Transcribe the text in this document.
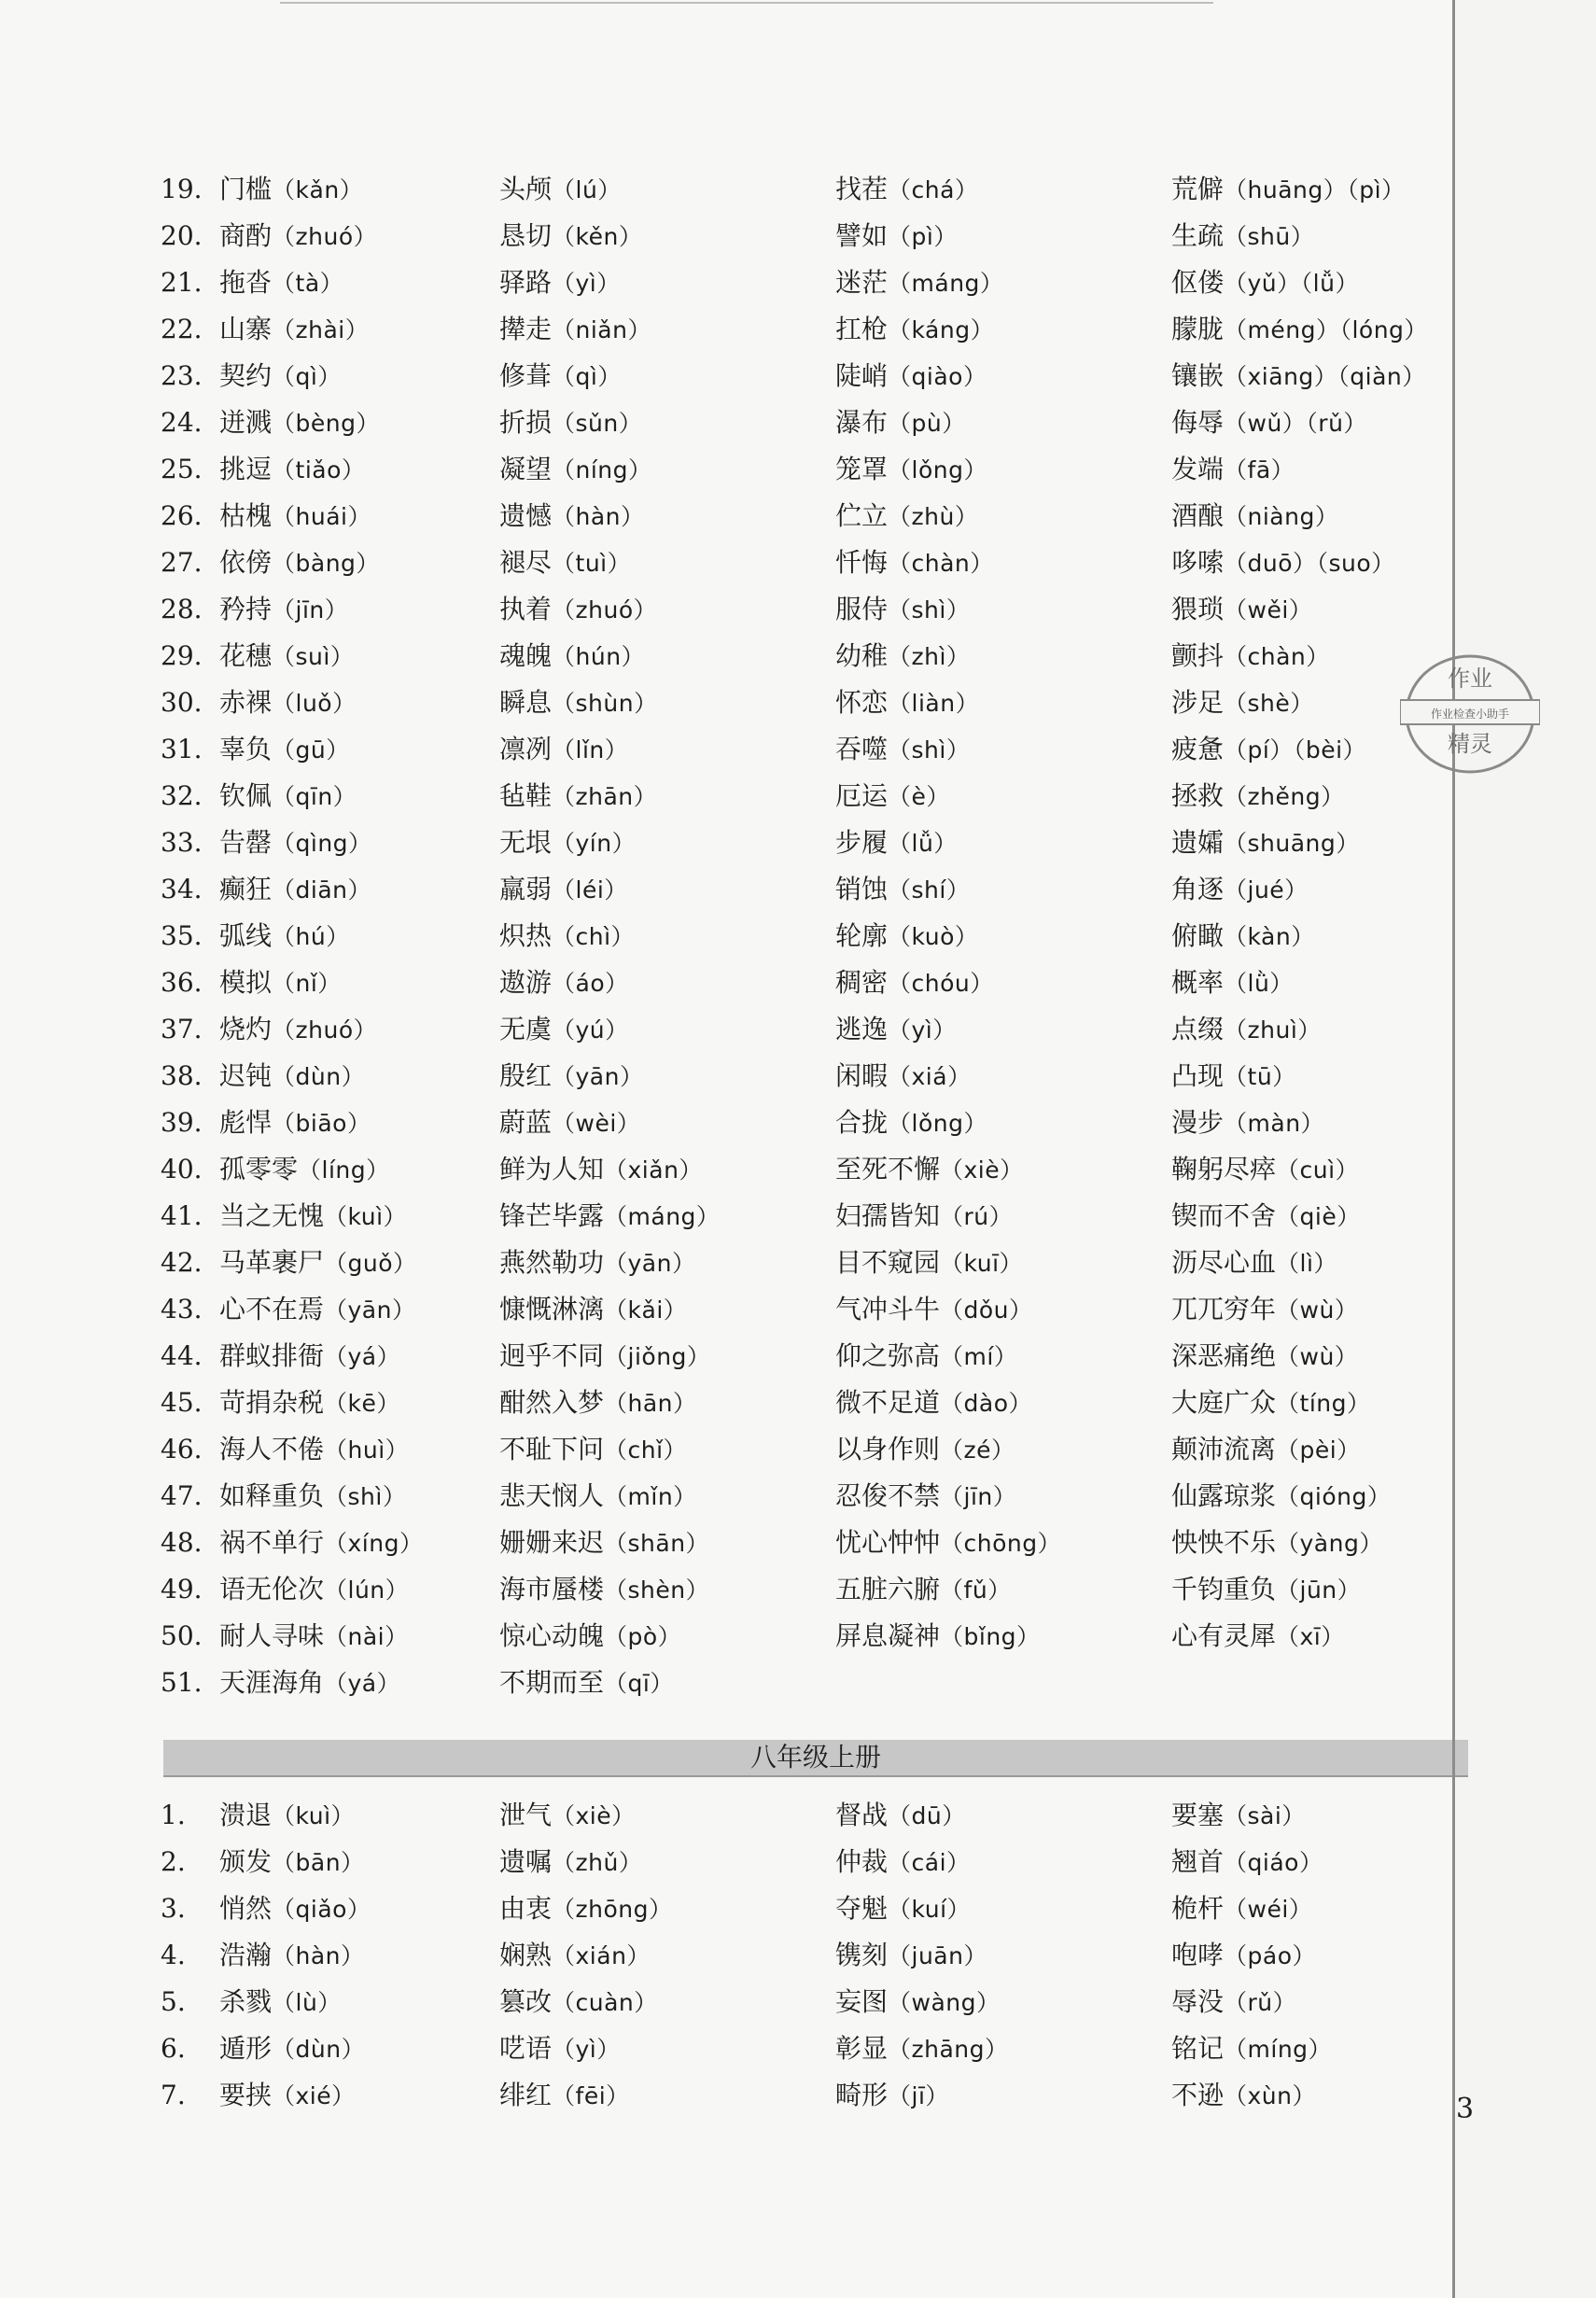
19. 门槛（kǎn）	头颅（lú）	找茬（chá）	荒僻（huāng）（pì）
20. 商酌（zhuó）	恳切（kěn）	譬如（pì）	生疏（shū）
21. 拖沓（tà）	驿路（yì）	迷茫（máng）	伛偻（yǔ）（lǚ）
22. 山寨（zhài）	撵走（niǎn）	扛枪（káng）	朦胧（méng）（lóng）
23. 契约（qì）	修葺（qì）	陡峭（qiào）	镶嵌（xiāng）（qiàn）
24. 迸溅（bèng）	折损（sǔn）	瀑布（pù）	侮辱（wǔ）（rǔ）
25. 挑逗（tiǎo）	凝望（níng）	笼罩（lǒng）	发端（fā）
26. 枯槐（huái）	遗憾（hàn）	伫立（zhù）	酒酿（niàng）
27. 依傍（bàng）	褪尽（tuì）	忏悔（chàn）	哆嗦（duō）（suo）
28. 矜持（jīn）	执着（zhuó）	服侍（shì）	猥琐（wěi）
29. 花穗（suì）	魂魄（hún）	幼稚（zhì）	颤抖（chàn）
30. 赤裸（luǒ）	瞬息（shùn）	怀恋（liàn）	涉足（shè）
31. 辜负（gū）	凛冽（lǐn）	吞噬（shì）	疲惫（pí）（bèi）
32. 钦佩（qīn）	毡鞋（zhān）	厄运（è）	拯救（zhěng）
33. 告罄（qìng）	无垠（yín）	步履（lǚ）	遗孀（shuāng）
34. 癫狂（diān）	羸弱（léi）	销蚀（shí）	角逐（jué）
35. 弧线（hú）	炽热（chì）	轮廓（kuò）	俯瞰（kàn）
36. 模拟（nǐ）	遨游（áo）	稠密（chóu）	概率（lǜ）
37. 烧灼（zhuó）	无虞（yú）	逃逸（yì）	点缀（zhuì）
38. 迟钝（dùn）	殷红（yān）	闲暇（xiá）	凸现（tū）
39. 彪悍（biāo）	蔚蓝（wèi）	合拢（lǒng）	漫步（màn）
40. 孤零零（líng）	鲜为人知（xiǎn）	至死不懈（xiè）	鞠躬尽瘁（cuì）
41. 当之无愧（kuì）	锋芒毕露（máng）	妇孺皆知（rú）	锲而不舍（qiè）
42. 马革裹尸（guǒ）	燕然勒功（yān）	目不窥园（kuī）	沥尽心血（lì）
43. 心不在焉（yān）	慷慨淋漓（kǎi）	气冲斗牛（dǒu）	兀兀穷年（wù）
44. 群蚁排衙（yá）	迥乎不同（jiǒng）	仰之弥高（mí）	深恶痛绝（wù）
45. 苛捐杂税（kē）	酣然入梦（hān）	微不足道（dào）	大庭广众（tíng）
46. 海人不倦（huì）	不耻下问（chǐ）	以身作则（zé）	颠沛流离（pèi）
47. 如释重负（shì）	悲天悯人（mǐn）	忍俊不禁（jīn）	仙露琼浆（qióng）
48. 祸不单行（xíng）	姗姗来迟（shān）	忧心忡忡（chōng）	怏怏不乐（yàng）
49. 语无伦次（lún）	海市蜃楼（shèn）	五脏六腑（fǔ）	千钧重负（jūn）
50. 耐人寻味（nài）	惊心动魄（pò）	屏息凝神（bǐng）	心有灵犀（xī）
51. 天涯海角（yá）	不期而至（qī）
八年级上册
1.	溃退（kuì）	泄气（xiè）	督战（dū）	要塞（sài）
2.	颁发（bān）	遗嘱（zhǔ）	仲裁（cái）	翘首（qiáo）
3.	悄然（qiǎo）	由衷（zhōng）	夺魁（kuí）	桅杆（wéi）
4.	浩瀚（hàn）	娴熟（xián）	镌刻（juān）	咆哮（páo）
5.	杀戮（lù）	篡改（cuàn）	妄图（wàng）	辱没（rǔ）
6.	遁形（dùn）	呓语（yì）	彰显（zhāng）	铭记（míng）
7.	要挟（xié）	绯红（fēi）	畸形（jī）	不逊（xùn）
作业
作业检查小助手
精灵
3
